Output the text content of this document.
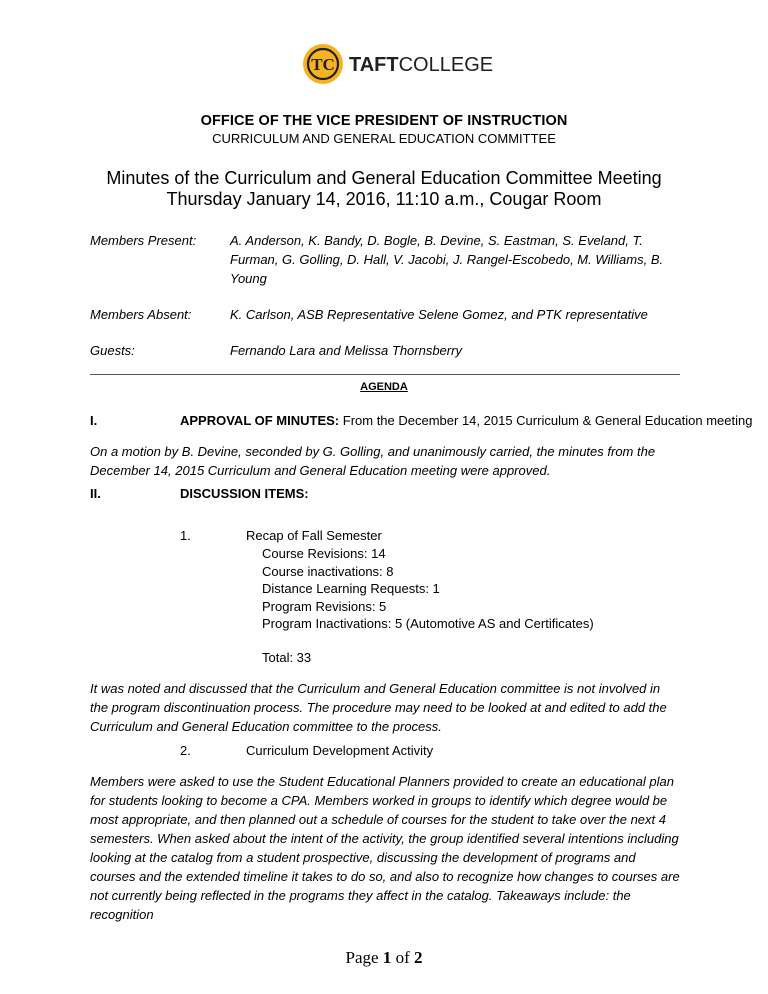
TC TAFTCOLLEGE
OFFICE OF THE VICE PRESIDENT OF INSTRUCTION
CURRICULUM AND GENERAL EDUCATION COMMITTEE
Minutes of the Curriculum and General Education Committee Meeting
Thursday January 14, 2016, 11:10 a.m., Cougar Room
Members Present:	A. Anderson, K. Bandy, D. Bogle, B. Devine, S. Eastman, S. Eveland, T. Furman, G. Golling, D. Hall, V. Jacobi, J. Rangel-Escobedo, M. Williams, B. Young
Members Absent:	K. Carlson, ASB Representative Selene Gomez, and PTK representative
Guests:	Fernando Lara and Melissa Thornsberry
AGENDA
I.	APPROVAL OF MINUTES: From the December 14, 2015 Curriculum & General Education meeting
On a motion by B. Devine, seconded by G. Golling, and unanimously carried, the minutes from the December 14, 2015 Curriculum and General Education meeting were approved.
II.	DISCUSSION ITEMS:
1.	Recap of Fall Semester
Course Revisions: 14
Course inactivations: 8
Distance Learning Requests: 1
Program Revisions: 5
Program Inactivations: 5 (Automotive AS and Certificates)
Total: 33
It was noted and discussed that the Curriculum and General Education committee is not involved in the program discontinuation process. The procedure may need to be looked at and edited to add the Curriculum and General Education committee to the process.
2.	Curriculum Development Activity
Members were asked to use the Student Educational Planners provided to create an educational plan for students looking to become a CPA. Members worked in groups to identify which degree would be most appropriate, and then planned out a schedule of courses for the student to take over the next 4 semesters. When asked about the intent of the activity, the group identified several intentions including looking at the catalog from a student prospective, discussing the development of programs and courses and the extended timeline it takes to do so, and also to recognize how changes to courses are not currently being reflected in the programs they affect in the catalog. Takeaways include: the recognition
Page 1 of 2
